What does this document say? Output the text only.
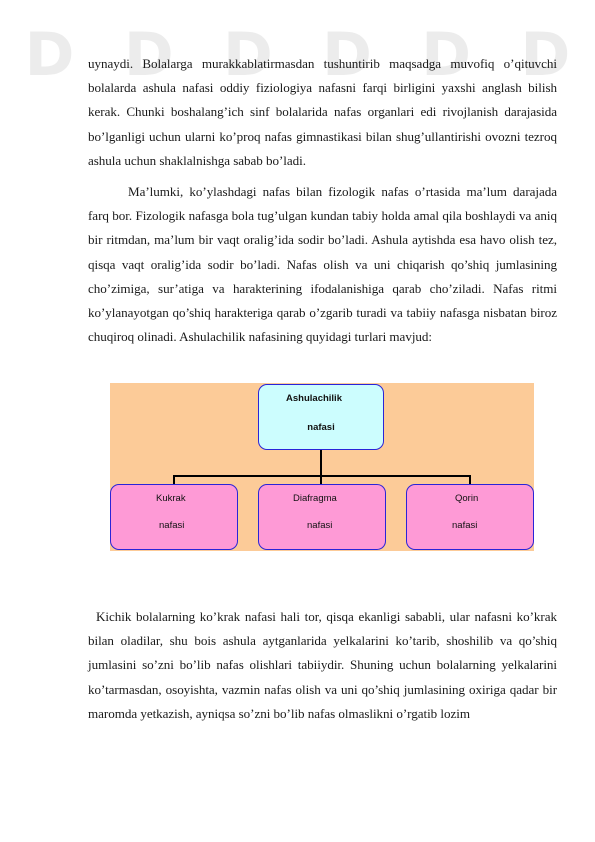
D D D D D D

uynaydi. Bolalarga murakkablatirmasdan tushuntirib maqsadga muvofiq o’qituvchi bolalarda ashula nafasi oddiy fiziologiya nafasni farqi birligini yaxshi anglash bilish kerak. Chunki boshalang’ich sinf bolalarida nafas organlari edi rivojlanish darajasida bo’lganligi uchun ularni ko’proq nafas gimnastikasi bilan shug’ullantirishi ovozni tezroq ashula uchun shaklalnishga sabab bo’ladi.

Ma’lumki, ko’ylashdagi nafas bilan fizologik nafas o’rtasida ma’lum darajada farq bor. Fizologik nafasga bola tug’ulgan kundan tabiy holda amal qila boshlaydi va aniq bir ritmdan, ma’lum bir vaqt oralig’ida sodir bo’ladi. Ashula aytishda esa havo olish tez, qisqa vaqt oralig’ida sodir bo’ladi. Nafas olish va uni chiqarish qo’shiq jumlasining cho’zimiga, sur’atiga va harakterining ifodalanishiga qarab cho’ziladi. Nafas ritmi ko’ylanayotgan qo’shiq harakteriga qarab o’zgarib turadi va tabiiy nafasga nisbatan biroz chuqiroq olinadi. Ashulachilik nafasining quyidagi turlari mavjud:

Ashulachilik
nafasi
Kukrak
nafasi
Diafragma
nafasi
Qorin
nafasi

Kichik bolalarning ko’krak nafasi hali tor, qisqa ekanligi sababli, ular nafasni ko’krak bilan oladilar, shu bois ashula aytganlarida yelkalarini ko’tarib, shoshilib va qo’shiq jumlasini so’zni bo’lib nafas olishlari tabiiydir. Shuning uchun bolalarning yelkalarini ko’tarmasdan, osoyishta, vazmin nafas olish va uni qo’shiq jumlasining oxiriga qadar bir maromda yetkazish, ayniqsa so’zni bo’lib nafas olmaslikni o’rgatib lozim
